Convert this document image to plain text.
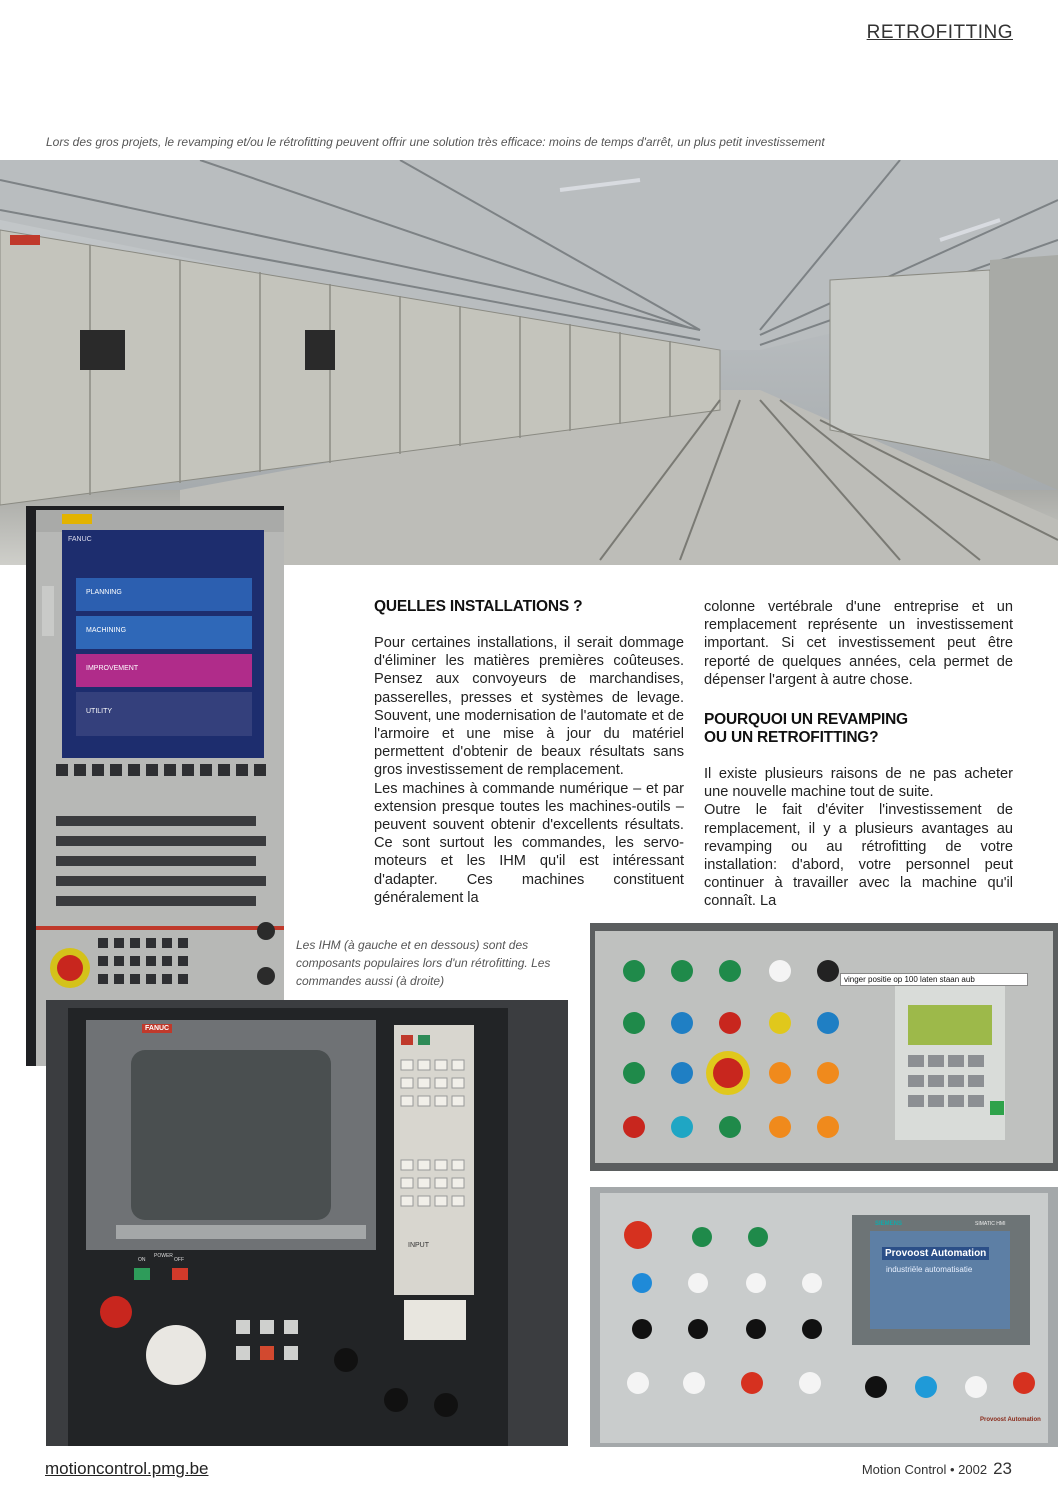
RETROFITTING
Lors des gros projets, le revamping et/ou le rétrofitting peuvent offrir une solution très efficace: moins de temps d'arrêt, un plus petit investissement
FANUC
PLANNING
MACHINING
IMPROVEMENT
UTILITY
QUELLES INSTALLATIONS ?

Pour certaines installations, il serait dommage d'éliminer les matières premières coûteuses. Pensez aux convoyeurs de marchandises, passerelles, presses et systèmes de levage. Souvent, une modernisation de l'automate et de l'armoire et une mise à jour du matériel permettent d'obtenir de beaux résultats sans gros investissement de remplacement.

Les machines à commande numérique – et par extension presque toutes les machines-outils – peuvent souvent obtenir d'excellents résultats. Ce sont surtout les commandes, les servo-moteurs et les IHM qu'il est intéressant d'adapter. Ces machines constituent généralement la

colonne vertébrale d'une entreprise et un remplacement représente un investissement important. Si cet investissement peut être reporté de quelques années, cela permet de dépenser l'argent à autre chose.

POURQUOI UN REVAMPING
OU UN RETROFITTING?

Il existe plusieurs raisons de ne pas acheter une nouvelle machine tout de suite.

Outre le fait d'éviter l'investissement de remplacement, il y a plusieurs avantages au revamping ou au rétrofitting de votre installation: d'abord, votre personnel peut continuer à travailler avec la machine qu'il connaît. La

Les IHM (à gauche et en dessous) sont des composants populaires lors d'un rétrofitting. Les commandes aussi (à droite)
FANUC
INPUT
POWER
ON	OFF
vinger positie op 100 laten staan aub
SIEMENS	SIMATIC HMI
Provoost Automation
industriële automatisatie
Provoost Automation
motioncontrol.pmg.be	Motion Control • 2002 23
